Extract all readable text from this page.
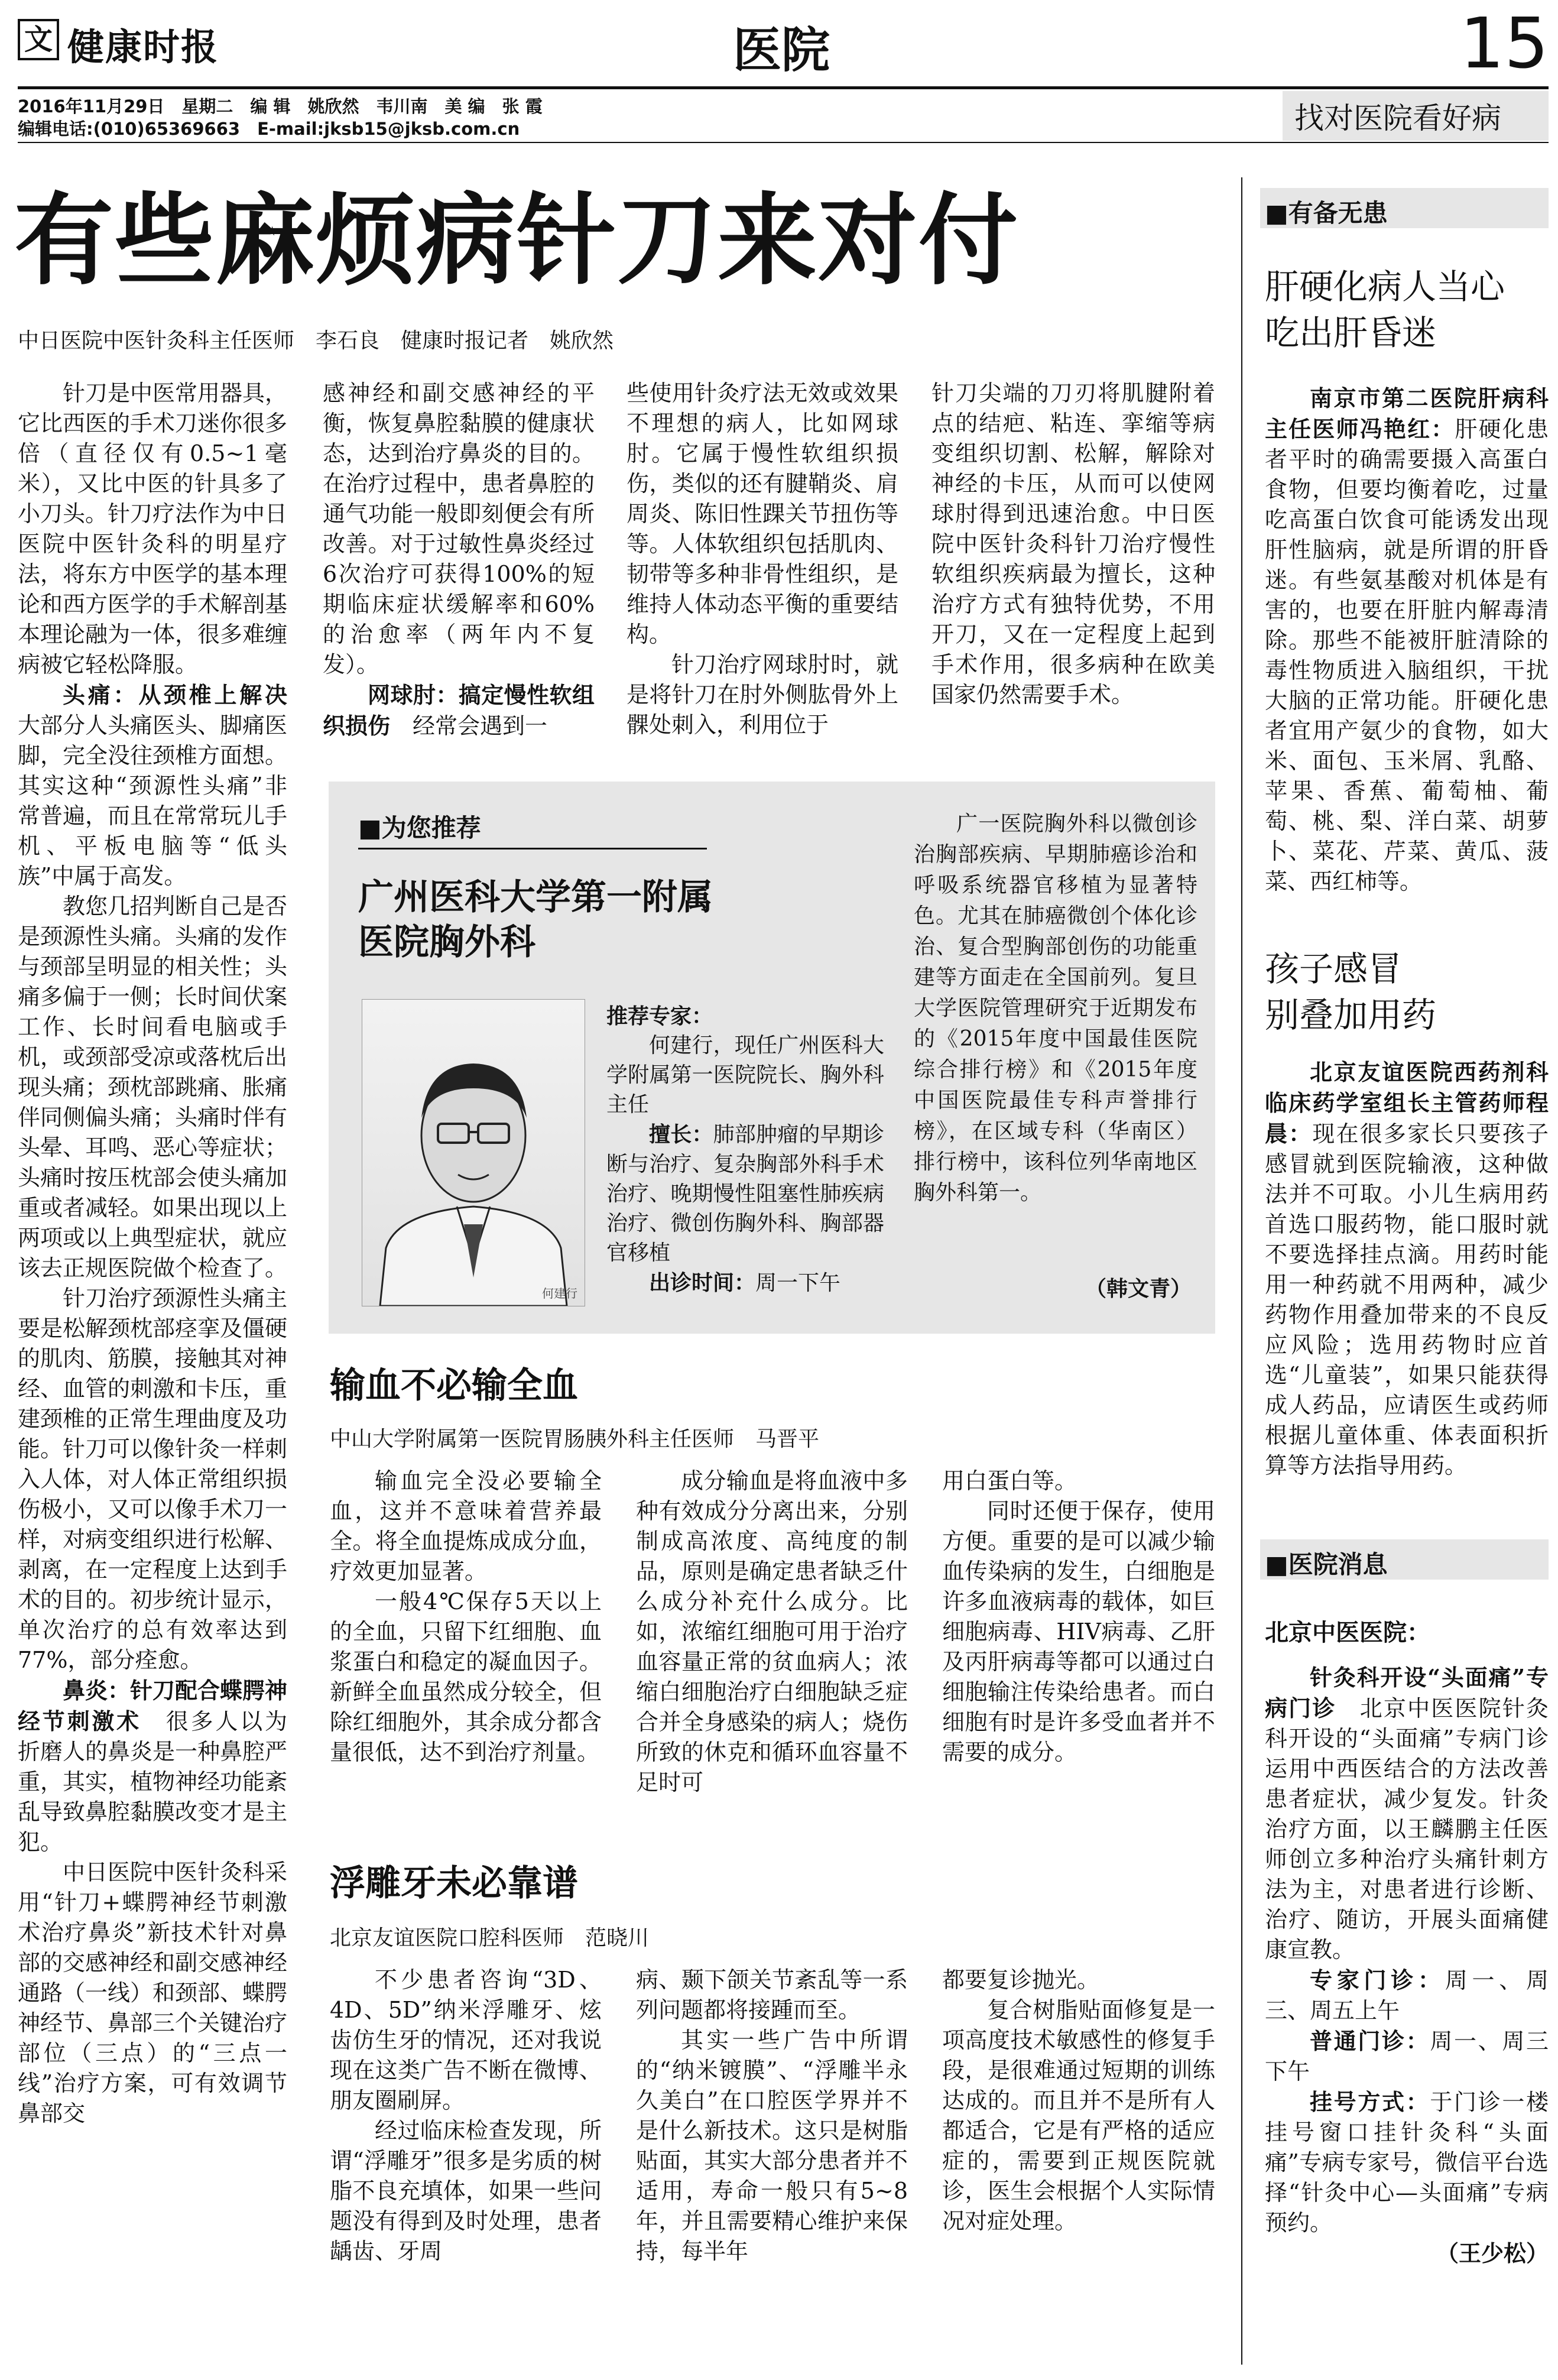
文 健康时报	医院	15
2016年11月29日　星期二　编 辑　姚欣然　韦川南　美 编　张 霞
编辑电话:(010)65369663　E-mail:jksb15@jksb.com.cn	找对医院看好病
有些麻烦病针刀来对付
中日医院中医针灸科主任医师　李石良　健康时报记者　姚欣然

针刀是中医常用器具，它比西医的手术刀迷你很多倍（直径仅有0.5~1毫米），又比中医的针具多了小刀头。针刀疗法作为中日医院中医针灸科的明星疗法，将东方中医学的基本理论和西方医学的手术解剖基本理论融为一体，很多难缠病被它轻松降服。

头痛：从颈椎上解决　大部分人头痛医头、脚痛医脚，完全没往颈椎方面想。其实这种“颈源性头痛”非常普遍，而且在常常玩儿手机、平板电脑等“低头族”中属于高发。

教您几招判断自己是否是颈源性头痛。头痛的发作与颈部呈明显的相关性；头痛多偏于一侧；长时间伏案工作、长时间看电脑或手机，或颈部受凉或落枕后出现头痛；颈枕部跳痛、胀痛伴同侧偏头痛；头痛时伴有头晕、耳鸣、恶心等症状；头痛时按压枕部会使头痛加重或者减轻。如果出现以上两项或以上典型症状，就应该去正规医院做个检查了。

针刀治疗颈源性头痛主要是松解颈枕部痉挛及僵硬的肌肉、筋膜，接触其对神经、血管的刺激和卡压，重建颈椎的正常生理曲度及功能。针刀可以像针灸一样刺入人体，对人体正常组织损伤极小，又可以像手术刀一样，对病变组织进行松解、剥离，在一定程度上达到手术的目的。初步统计显示，单次治疗的总有效率达到77%，部分痊愈。

鼻炎：针刀配合蝶腭神经节刺激术　 很多人以为折磨人的鼻炎是一种鼻腔严重，其实，植物神经功能紊乱导致鼻腔黏膜改变才是主犯。

中日医院中医针灸科采用“针刀+蝶腭神经节刺激术治疗鼻炎”新技术针对鼻部的交感神经和副交感神经通路（一线）和颈部、蝶腭神经节、鼻部三个关键治疗部位（三点）的“三点一线”治疗方案，可有效调节鼻部交

感神经和副交感神经的平衡，恢复鼻腔黏膜的健康状态，达到治疗鼻炎的目的。在治疗过程中，患者鼻腔的通气功能一般即刻便会有所改善。对于过敏性鼻炎经过6次治疗可获得100%的短期临床症状缓解率和60%的治愈率（两年内不复发）。

网球肘：搞定慢性软组织损伤　 经常会遇到一

些使用针灸疗法无效或效果不理想的病人，比如网球肘。它属于慢性软组织损伤，类似的还有腱鞘炎、肩周炎、陈旧性踝关节扭伤等等。人体软组织包括肌肉、韧带等多种非骨性组织，是维持人体动态平衡的重要结构。

针刀治疗网球肘时，就是将针刀在肘外侧肱骨外上髁处刺入，利用位于

针刀尖端的刀刃将肌腱附着点的结疤、粘连、挛缩等病变组织切割、松解，解除对神经的卡压，从而可以使网球肘得到迅速治愈。中日医院中医针灸科针刀治疗慢性软组织疾病最为擅长，这种治疗方式有独特优势，不用开刀，又在一定程度上起到手术作用，很多病种在欧美国家仍然需要手术。

■为您推荐
广州医科大学第一附属
医院胸外科
何建行
推荐专家：
何建行，现任广州医科大学附属第一医院院长、胸外科主任
擅长：肺部肿瘤的早期诊断与治疗、复杂胸部外科手术治疗、晚期慢性阻塞性肺疾病治疗、微创伤胸外科、胸部器官移植
出诊时间：周一下午
广一医院胸外科以微创诊治胸部疾病、早期肺癌诊治和呼吸系统器官移植为显著特色。尤其在肺癌微创个体化诊治、复合型胸部创伤的功能重建等方面走在全国前列。复旦大学医院管理研究于近期发布的《2015年度中国最佳医院综合排行榜》和《2015年度中国医院最佳专科声誉排行榜》，在区域专科（华南区）排行榜中，该科位列华南地区胸外科第一。
（韩文青）
输血不必输全血
中山大学附属第一医院胃肠胰外科主任医师　马晋平

输血完全没必要输全血，这并不意味着营养最全。将全血提炼成成分血，疗效更加显著。

一般4℃保存5天以上的全血，只留下红细胞、血浆蛋白和稳定的凝血因子。新鲜全血虽然成分较全，但除红细胞外，其余成分都含量很低，达不到治疗剂量。

成分输血是将血液中多种有效成分分离出来，分别制成高浓度、高纯度的制品，原则是确定患者缺乏什么成分补充什么成分。比如，浓缩红细胞可用于治疗血容量正常的贫血病人；浓缩白细胞治疗白细胞缺乏症合并全身感染的病人；烧伤所致的休克和循环血容量不足时可

用白蛋白等。

同时还便于保存，使用方便。重要的是可以减少输血传染病的发生，白细胞是许多血液病毒的载体，如巨细胞病毒、HIV病毒、乙肝及丙肝病毒等都可以通过白细胞输注传染给患者。而白细胞有时是许多受血者并不需要的成分。

浮雕牙未必靠谱
北京友谊医院口腔科医师　范晓川

不少患者咨询“3D、4D、5D”纳米浮雕牙、炫齿仿生牙的情况，还对我说现在这类广告不断在微博、朋友圈刷屏。

经过临床检查发现，所谓“浮雕牙”很多是劣质的树脂不良充填体，如果一些问题没有得到及时处理，患者龋齿、牙周

病、颞下颌关节紊乱等一系列问题都将接踵而至。

其实一些广告中所谓的“纳米镀膜”、“浮雕半永久美白”在口腔医学界并不是什么新技术。这只是树脂贴面，其实大部分患者并不适用，寿命一般只有5~8年，并且需要精心维护来保持，每半年

都要复诊抛光。

复合树脂贴面修复是一项高度技术敏感性的修复手段，是很难通过短期的训练达成的。而且并不是所有人都适合，它是有严格的适应症的，需要到正规医院就诊，医生会根据个人实际情况对症处理。

■有备无患
肝硬化病人当心
吃出肝昏迷

南京市第二医院肝病科主任医师冯艳红：肝硬化患者平时的确需要摄入高蛋白食物，但要均衡着吃，过量吃高蛋白饮食可能诱发出现肝性脑病，就是所谓的肝昏迷。有些氨基酸对机体是有害的，也要在肝脏内解毒清除。那些不能被肝脏清除的毒性物质进入脑组织，干扰大脑的正常功能。肝硬化患者宜用产氨少的食物，如大米、面包、玉米屑、乳酪、苹果、香蕉、葡萄柚、葡萄、桃、梨、洋白菜、胡萝卜、菜花、芹菜、黄瓜、菠菜、西红柿等。

孩子感冒
别叠加用药

北京友谊医院西药剂科临床药学室组长主管药师程晨：现在很多家长只要孩子感冒就到医院输液，这种做法并不可取。小儿生病用药首选口服药物，能口服时就不要选择挂点滴。用药时能用一种药就不用两种，减少药物作用叠加带来的不良反应风险；选用药物时应首选“儿童装”，如果只能获得成人药品，应请医生或药师根据儿童体重、体表面积折算等方法指导用药。

■医院消息
北京中医医院：

针灸科开设“头面痛”专病门诊　 北京中医医院针灸科开设的“头面痛”专病门诊运用中西医结合的方法改善患者症状，减少复发。针灸治疗方面，以王麟鹏主任医师创立多种治疗头痛针刺方法为主，对患者进行诊断、治疗、随访，开展头面痛健康宣教。

专家门诊：周一、周三、周五上午

普通门诊：周一、周三下午

挂号方式：于门诊一楼挂号窗口挂针灸科“头面痛”专病专家号，微信平台选择“针灸中心—头面痛”专病预约。

（王少松）
